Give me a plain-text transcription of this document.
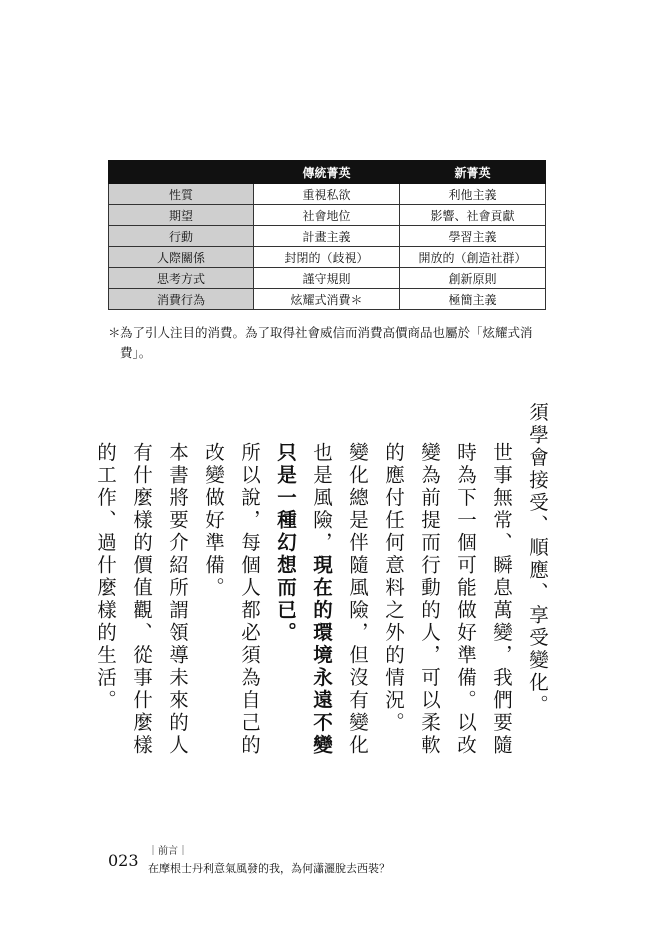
	傳統菁英	新菁英
性質	重視私欲	利他主義
期望	社會地位	影響、社會貢獻
行動	計畫主義	學習主義
人際關係	封閉的（歧視）	開放的（創造社群）
思考方式	謹守規則	創新原則
消費行為	炫耀式消費＊	極簡主義
＊ 為了引人注目的消費。為了取得社會威信而消費高價商品也屬於「炫耀式消費」。

須學會接受、順應、享受變化。

世事無常、瞬息萬變，我們要隨時為下一個可能做好準備。以改變為前提而行動的人，可以柔軟的應付任何意料之外的情況。

變化總是伴隨風險，但沒有變化也是風險，現在的環境永遠不變只是一種幻想而已。

所以說，每個人都必須為自己的改變做好準備。

本書將要介紹所謂領導未來的人有什麼樣的價值觀、從事什麼樣的工作、過什麼樣的生活。

023 ｜前言｜
在摩根士丹利意氣風發的我，為何瀟灑脫去西裝？
